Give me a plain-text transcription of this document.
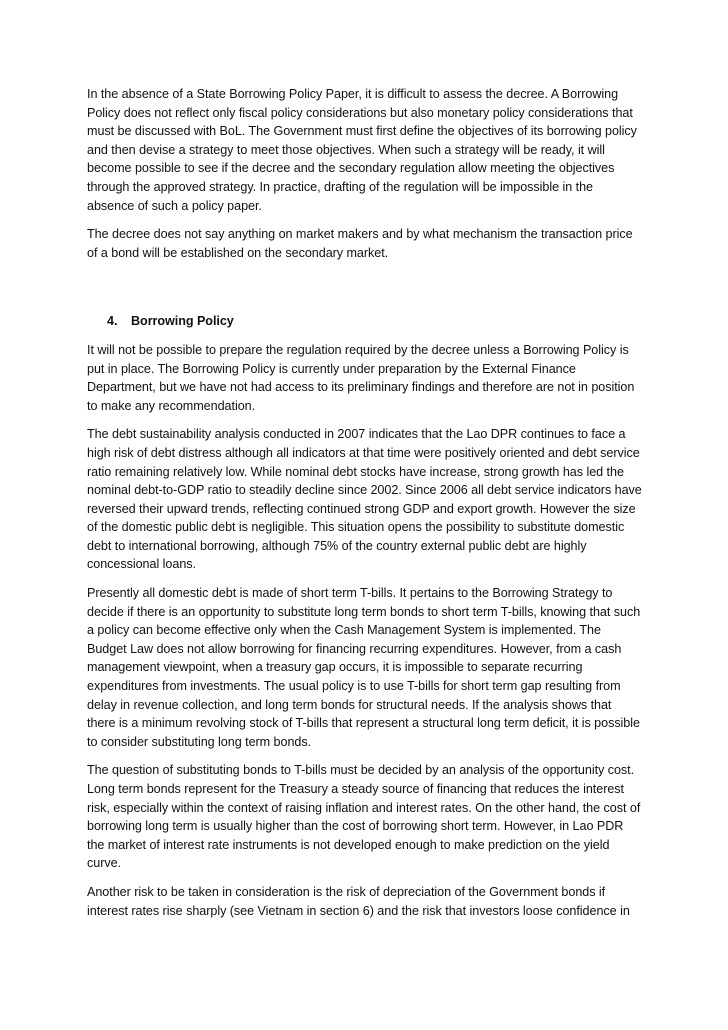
In the absence of a State Borrowing Policy Paper, it is difficult to assess the decree. A Borrowing Policy does not reflect only fiscal policy considerations but also monetary policy considerations that must be discussed with BoL. The Government must first define the objectives of its borrowing policy and then devise a strategy to meet those objectives. When such a strategy will be ready, it will become possible to see if the decree and the secondary regulation allow meeting the objectives through the approved strategy. In practice, drafting of the regulation will be impossible in the absence of such a policy paper.

The decree does not say anything on market makers and by what mechanism the transaction price of a bond will be established on the secondary market.

4.	Borrowing Policy

It will not be possible to prepare the regulation required by the decree unless a Borrowing Policy is put in place. The Borrowing Policy is currently under preparation by the External Finance Department, but we have not had access to its preliminary findings and therefore are not in position to make any recommendation.

The debt sustainability analysis conducted in 2007 indicates that the Lao DPR continues to face a high risk of debt distress although all indicators at that time were positively oriented and debt service ratio remaining relatively low. While nominal debt stocks have increase, strong growth has led the nominal debt-to-GDP ratio to steadily decline since 2002. Since 2006 all debt service indicators have reversed their upward trends, reflecting continued strong GDP and export growth. However the size of the domestic public debt is negligible. This situation opens the possibility to substitute domestic debt to international borrowing, although 75% of the country external public debt are highly concessional loans.

Presently all domestic debt is made of short term T-bills. It pertains to the Borrowing Strategy to decide if there is an opportunity to substitute long term bonds to short term T-bills, knowing that such a policy can become effective only when the Cash Management System is implemented. The Budget Law does not allow borrowing for financing recurring expenditures. However, from a cash management viewpoint, when a treasury gap occurs, it is impossible to separate recurring expenditures from investments. The usual policy is to use T-bills for short term gap resulting from delay in revenue collection, and long term bonds for structural needs. If the analysis shows that there is a minimum revolving stock of T-bills that represent a structural long term deficit, it is possible to consider substituting long term bonds.

The question of substituting bonds to T-bills must be decided by an analysis of the opportunity cost. Long term bonds represent for the Treasury a steady source of financing that reduces the interest risk, especially within the context of raising inflation and interest rates. On the other hand, the cost of borrowing long term is usually higher than the cost of borrowing short term. However, in Lao PDR the market of interest rate instruments is not developed enough to make prediction on the yield curve.

Another risk to be taken in consideration is the risk of depreciation of the Government bonds if interest rates rise sharply (see Vietnam in section 6) and the risk that investors loose confidence in
